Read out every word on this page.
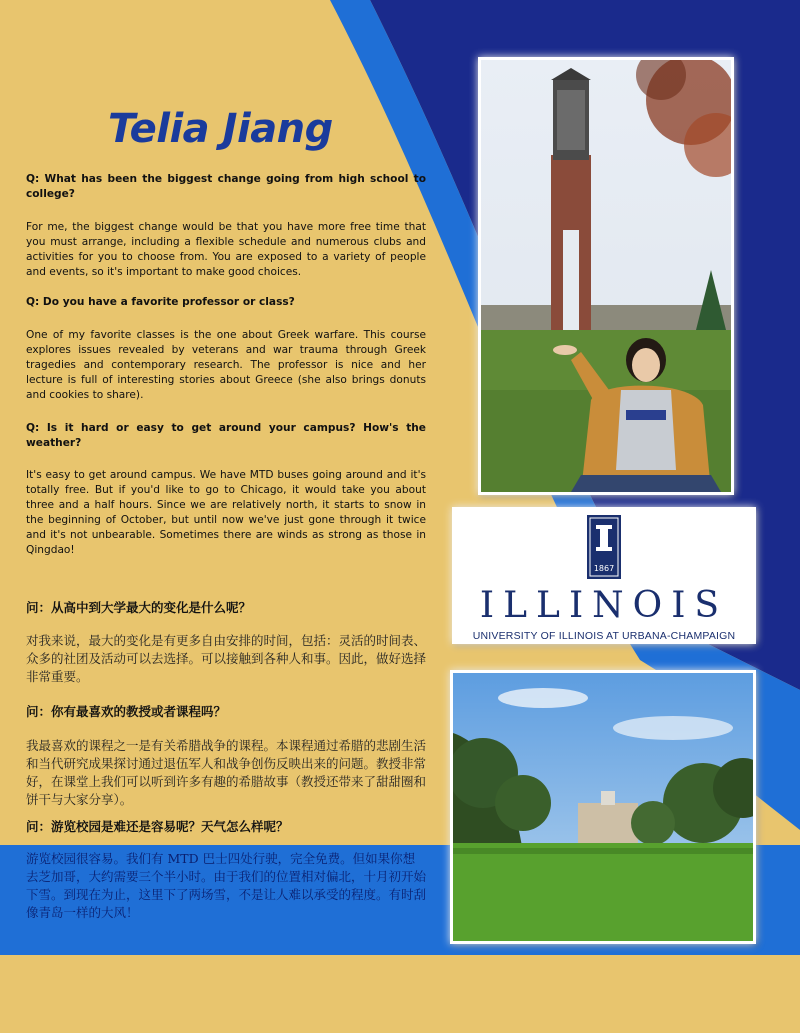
Telia Jiang
Q: What has been the biggest change going from high school to college?
For me, the biggest change would be that you have more free time that you must arrange, including a flexible schedule and numerous clubs and activities for you to choose from. You are exposed to a variety of people and events, so it's important to make good choices.
Q: Do you have a favorite professor or class?
One of my favorite classes is the one about Greek warfare. This course explores issues revealed by veterans and war trauma through Greek tragedies and contemporary research. The professor is nice and her lecture is full of interesting stories about Greece (she also brings donuts and cookies to share).
Q: Is it hard or easy to get around your campus? How's the weather?
It's easy to get around campus. We have MTD buses going around and it's totally free. But if you'd like to go to Chicago, it would take you about three and a half hours. Since we are relatively north, it starts to snow in the beginning of October, but until now we've just gone through it twice and it's not unbearable. Sometimes there are winds as strong as those in Qingdao!
问：从高中到大学最大的变化是什么呢？
对我来说，最大的变化是有更多自由安排的时间，包括：灵活的时间表、众多的社团及活动可以去选择。可以接触到各种人和事。因此，做好选择非常重要。
问：你有最喜欢的教授或者课程吗？
我最喜欢的课程之一是有关希腊战争的课程。本课程通过希腊的悲剧生活和当代研究成果探讨通过退伍军人和战争创伤反映出来的问题。教授非常好，在课堂上我们可以听到许多有趣的希腊故事（教授还带来了甜甜圈和饼干与大家分享）。
问：游览校园是难还是容易呢？天气怎么样呢？
游览校园很容易。我们有 MTD 巴士四处行驶，完全免费。但如果你想去芝加哥，大约需要三个半小时。由于我们的位置相对偏北，十月初开始下雪。到现在为止，这里下了两场雪，不是让人难以承受的程度。有时刮像青岛一样的大风！
1867
ILLINOIS
UNIVERSITY OF ILLINOIS AT URBANA-CHAMPAIGN
